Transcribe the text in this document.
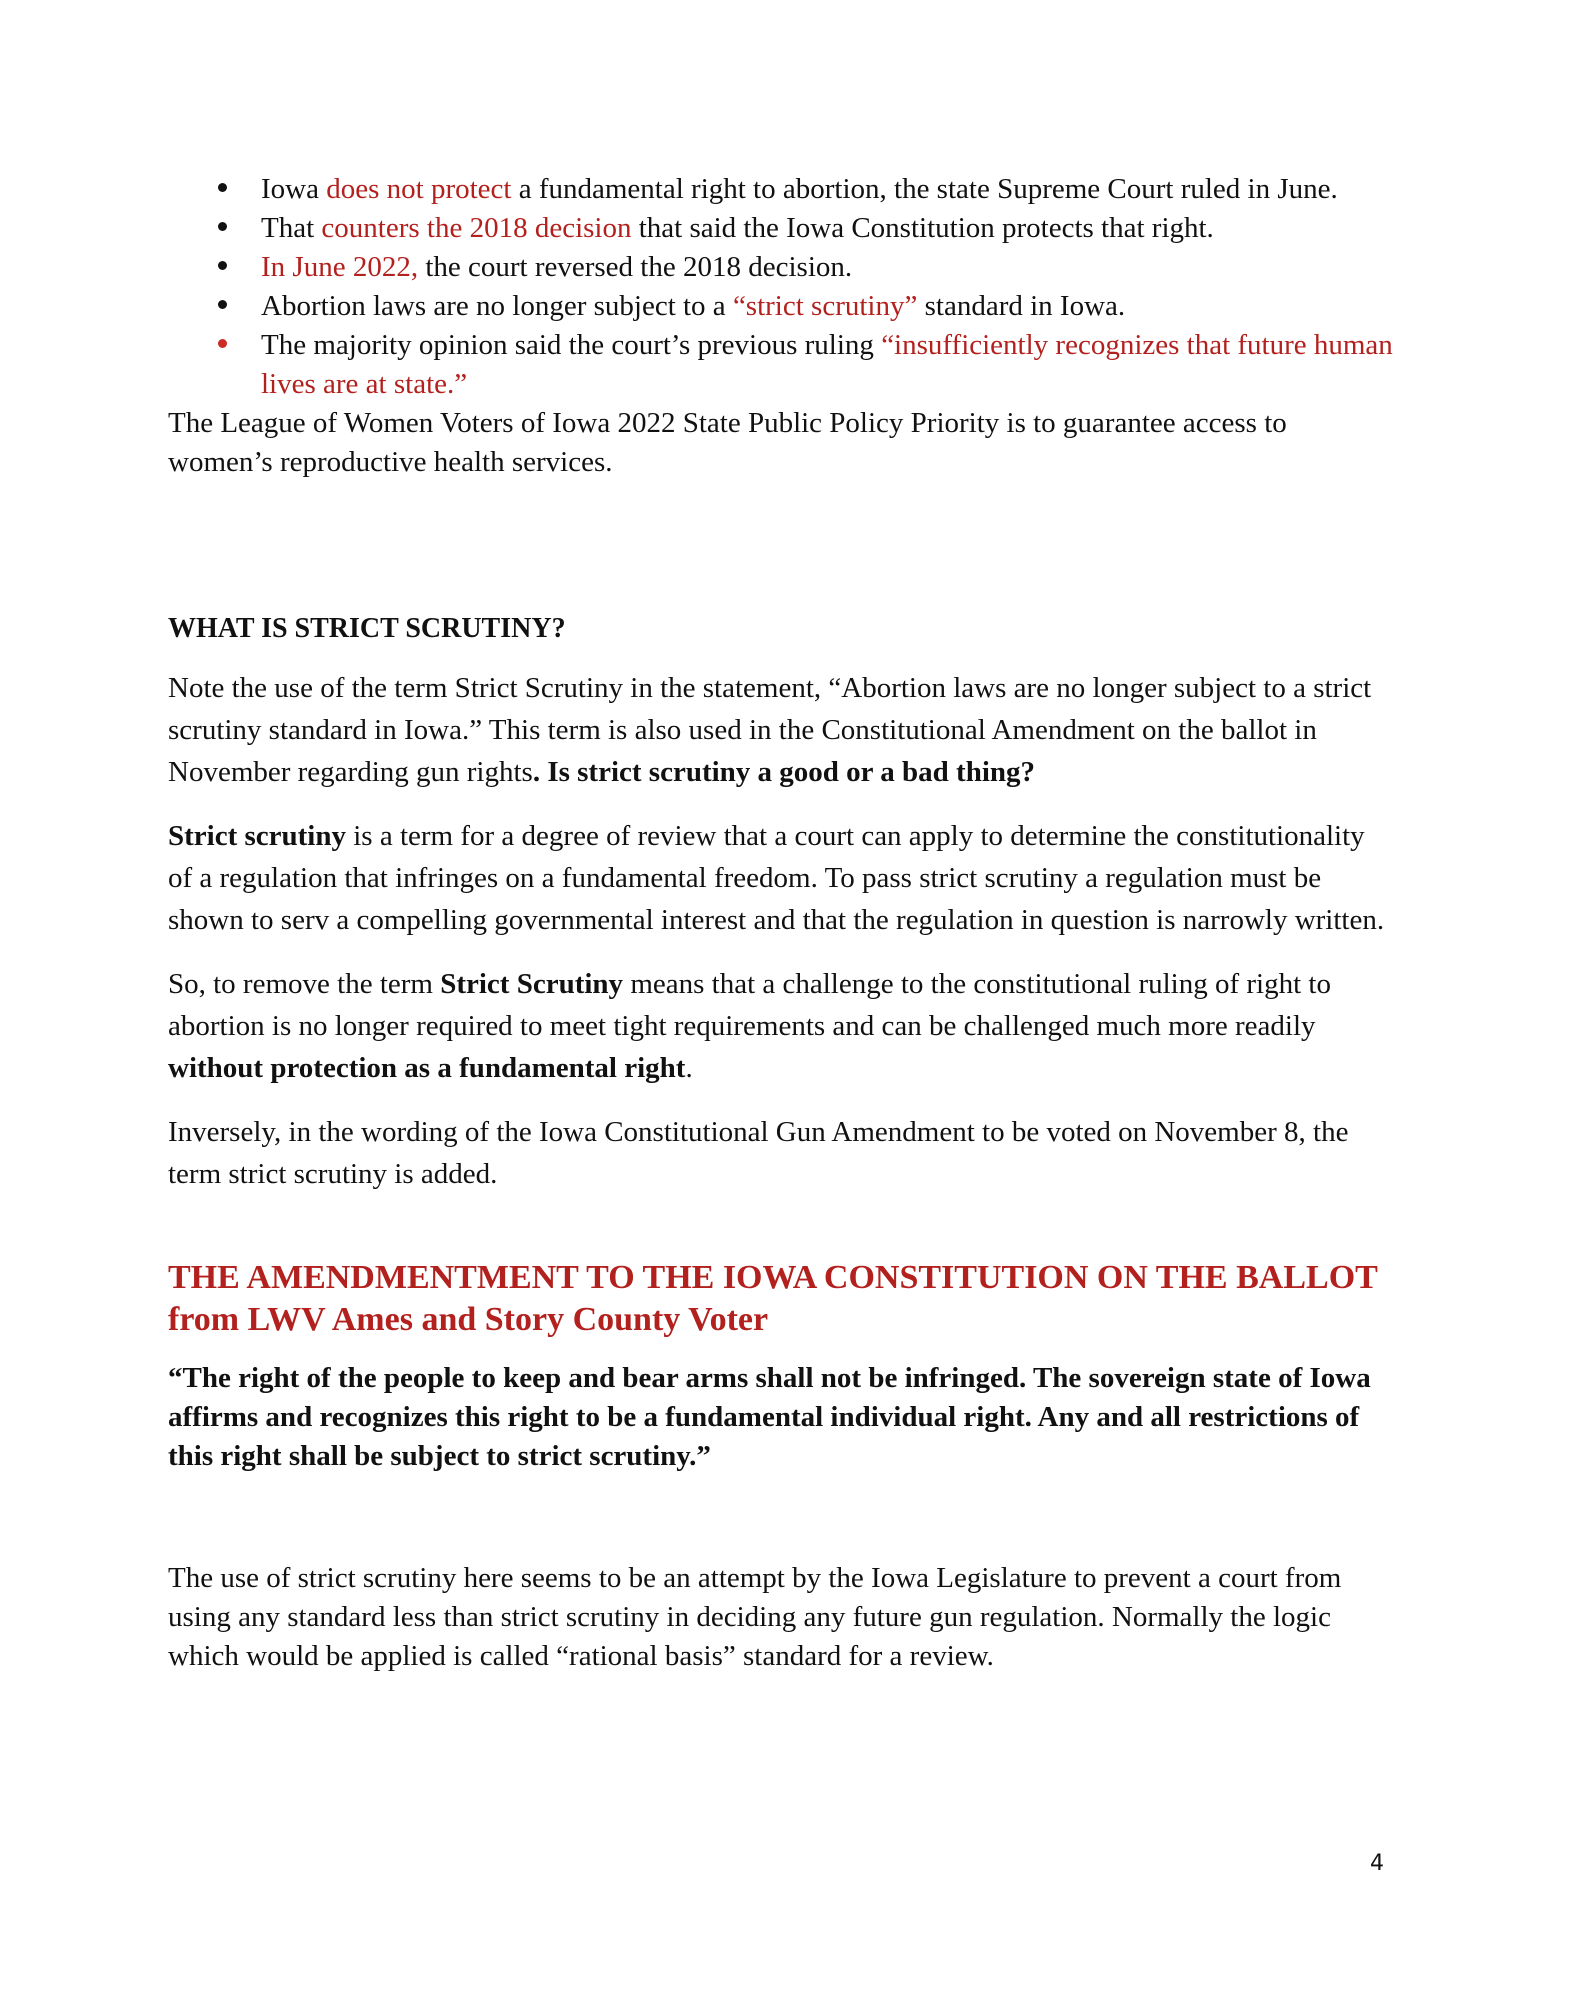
Iowa does not protect a fundamental right to abortion, the state Supreme Court ruled in June.
That counters the 2018 decision that said the Iowa Constitution protects that right.
In June 2022, the court reversed the 2018 decision.
Abortion laws are no longer subject to a “strict scrutiny” standard in Iowa.
The majority opinion said the court’s previous ruling “insufficiently recognizes that future human lives are at state.”

The League of Women Voters of Iowa 2022 State Public Policy Priority is to guarantee access to women’s reproductive health services.

WHAT IS STRICT SCRUTINY?

Note the use of the term Strict Scrutiny in the statement, “Abortion laws are no longer subject to a strict scrutiny standard in Iowa.” This term is also used in the Constitutional Amendment on the ballot in November regarding gun rights. Is strict scrutiny a good or a bad thing?

Strict scrutiny is a term for a degree of review that a court can apply to determine the constitutionality of a regulation that infringes on a fundamental freedom. To pass strict scrutiny a regulation must be shown to serv a compelling governmental interest and that the regulation in question is narrowly written.

So, to remove the term Strict Scrutiny means that a challenge to the constitutional ruling of right to abortion is no longer required to meet tight requirements and can be challenged much more readily without protection as a fundamental right.

Inversely, in the wording of the Iowa Constitutional Gun Amendment to be voted on November 8, the term strict scrutiny is added.

THE AMENDMENTMENT TO THE IOWA CONSTITUTION ON THE BALLOT from LWV Ames and Story County Voter

“The right of the people to keep and bear arms shall not be infringed. The sovereign state of Iowa affirms and recognizes this right to be a fundamental individual right. Any and all restrictions of this right shall be subject to strict scrutiny.”

The use of strict scrutiny here seems to be an attempt by the Iowa Legislature to prevent a court from using any standard less than strict scrutiny in deciding any future gun regulation. Normally the logic which would be applied is called “rational basis” standard for a review.

4
